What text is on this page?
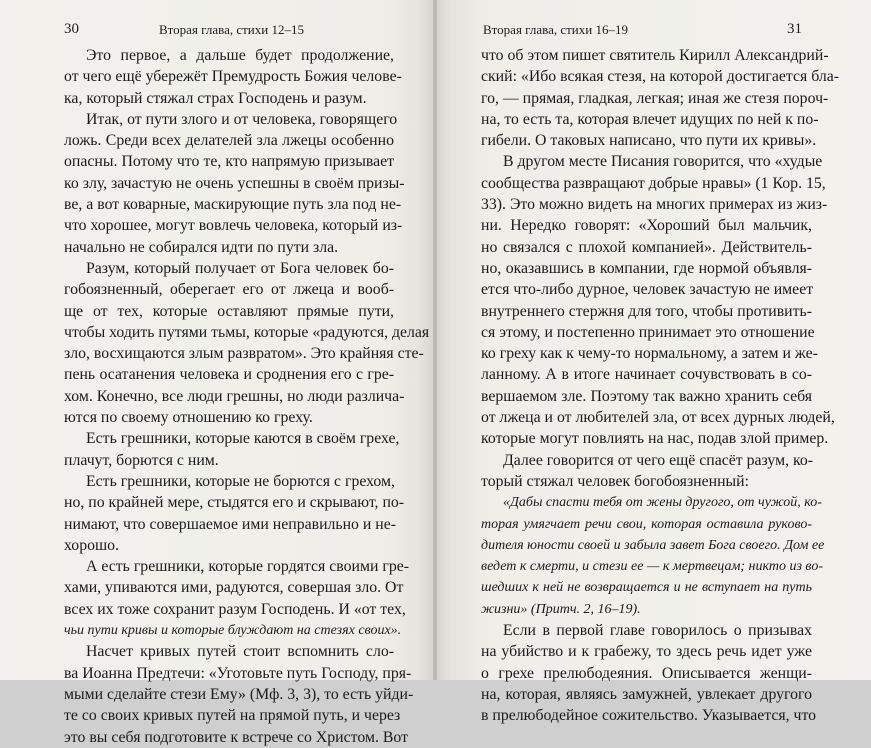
30	Вторая глава, стихи 12–15
Это первое, а дальше будет продолжение,
от чего ещё убережёт Премудрость Божия челове-
ка, который стяжал страх Господень и разум.
Итак, от пути злого и от человека, говорящего
ложь. Среди всех делателей зла лжецы особенно
опасны. Потому что те, кто напрямую призывает
ко злу, зачастую не очень успешны в своём призы-
ве, а вот коварные, маскирующие путь зла под не-
что хорошее, могут вовлечь человека, который из-
начально не собирался идти по пути зла.
Разум, который получает от Бога человек бо-
гобоязненный, оберегает его от лжеца и вооб-
ще от тех, которые оставляют прямые пути,
чтобы ходить путями тьмы, которые «радуются, делая
зло, восхищаются злым развратом». Это крайняя сте-
пень осатанения человека и сроднения его с гре-
хом. Конечно, все люди грешны, но люди различа-
ются по своему отношению ко греху.
Есть грешники, которые каются в своём грехе,
плачут, борются с ним.
Есть грешники, которые не борются с грехом,
но, по крайней мере, стыдятся его и скрывают, по-
нимают, что совершаемое ими неправильно и не-
хорошо.
А есть грешники, которые гордятся своими гре-
хами, упиваются ими, радуются, совершая зло. От
всех их тоже сохранит разум Господень. И «от тех,
чьи пути кривы и которые блуждают на стезях своих».
Насчет кривых путей стоит вспомнить сло-
ва Иоанна Предтечи: «Уготовьте путь Господу, пря-
мыми сделайте стези Ему» (Мф. 3, 3), то есть уйди-
те со своих кривых путей на прямой путь, и через
это вы себя подготовите к встрече со Христом. Вот
Вторая глава, стихи 16–19	31
что об этом пишет святитель Кирилл Александрий-
ский: «Ибо всякая стезя, на которой достигается бла-
го, — прямая, гладкая, легкая; иная же стезя пороч-
на, то есть та, которая влечет идущих по ней к по-
гибели. О таковых написано, что пути их кривы».
В другом месте Писания говорится, что «худые
сообщества развращают добрые нравы» (1 Кор. 15,
33). Это можно видеть на многих примерах из жиз-
ни. Нередко говорят: «Хороший был мальчик,
но связался с плохой компанией». Действитель-
но, оказавшись в компании, где нормой объявля-
ется что-либо дурное, человек зачастую не имеет
внутреннего стержня для того, чтобы противить-
ся этому, и постепенно принимает это отношение
ко греху как к чему-то нормальному, а затем и же-
ланному. А в итоге начинает сочувствовать в со-
вершаемом зле. Поэтому так важно хранить себя
от лжеца и от любителей зла, от всех дурных людей,
которые могут повлиять на нас, подав злой пример.
Далее говорится от чего ещё спасёт разум, ко-
торый стяжал человек богобоязненный:
«Дабы спасти тебя от жены другого, от чужой, ко-
торая умягчает речи свои, которая оставила руково-
дителя юности своей и забыла завет Бога своего. Дом ее
ведет к смерти, и стези ее — к мертвецам; никто из во-
шедших к ней не возвращается и не вступает на путь
жизни» (Притч. 2, 16–19).
Если в первой главе говорилось о призывах
на убийство и к грабежу, то здесь речь идет уже
о грехе прелюбодеяния. Описывается женщи-
на, которая, являясь замужней, увлекает другого
в прелюбодейное сожительство. Указывается, что
